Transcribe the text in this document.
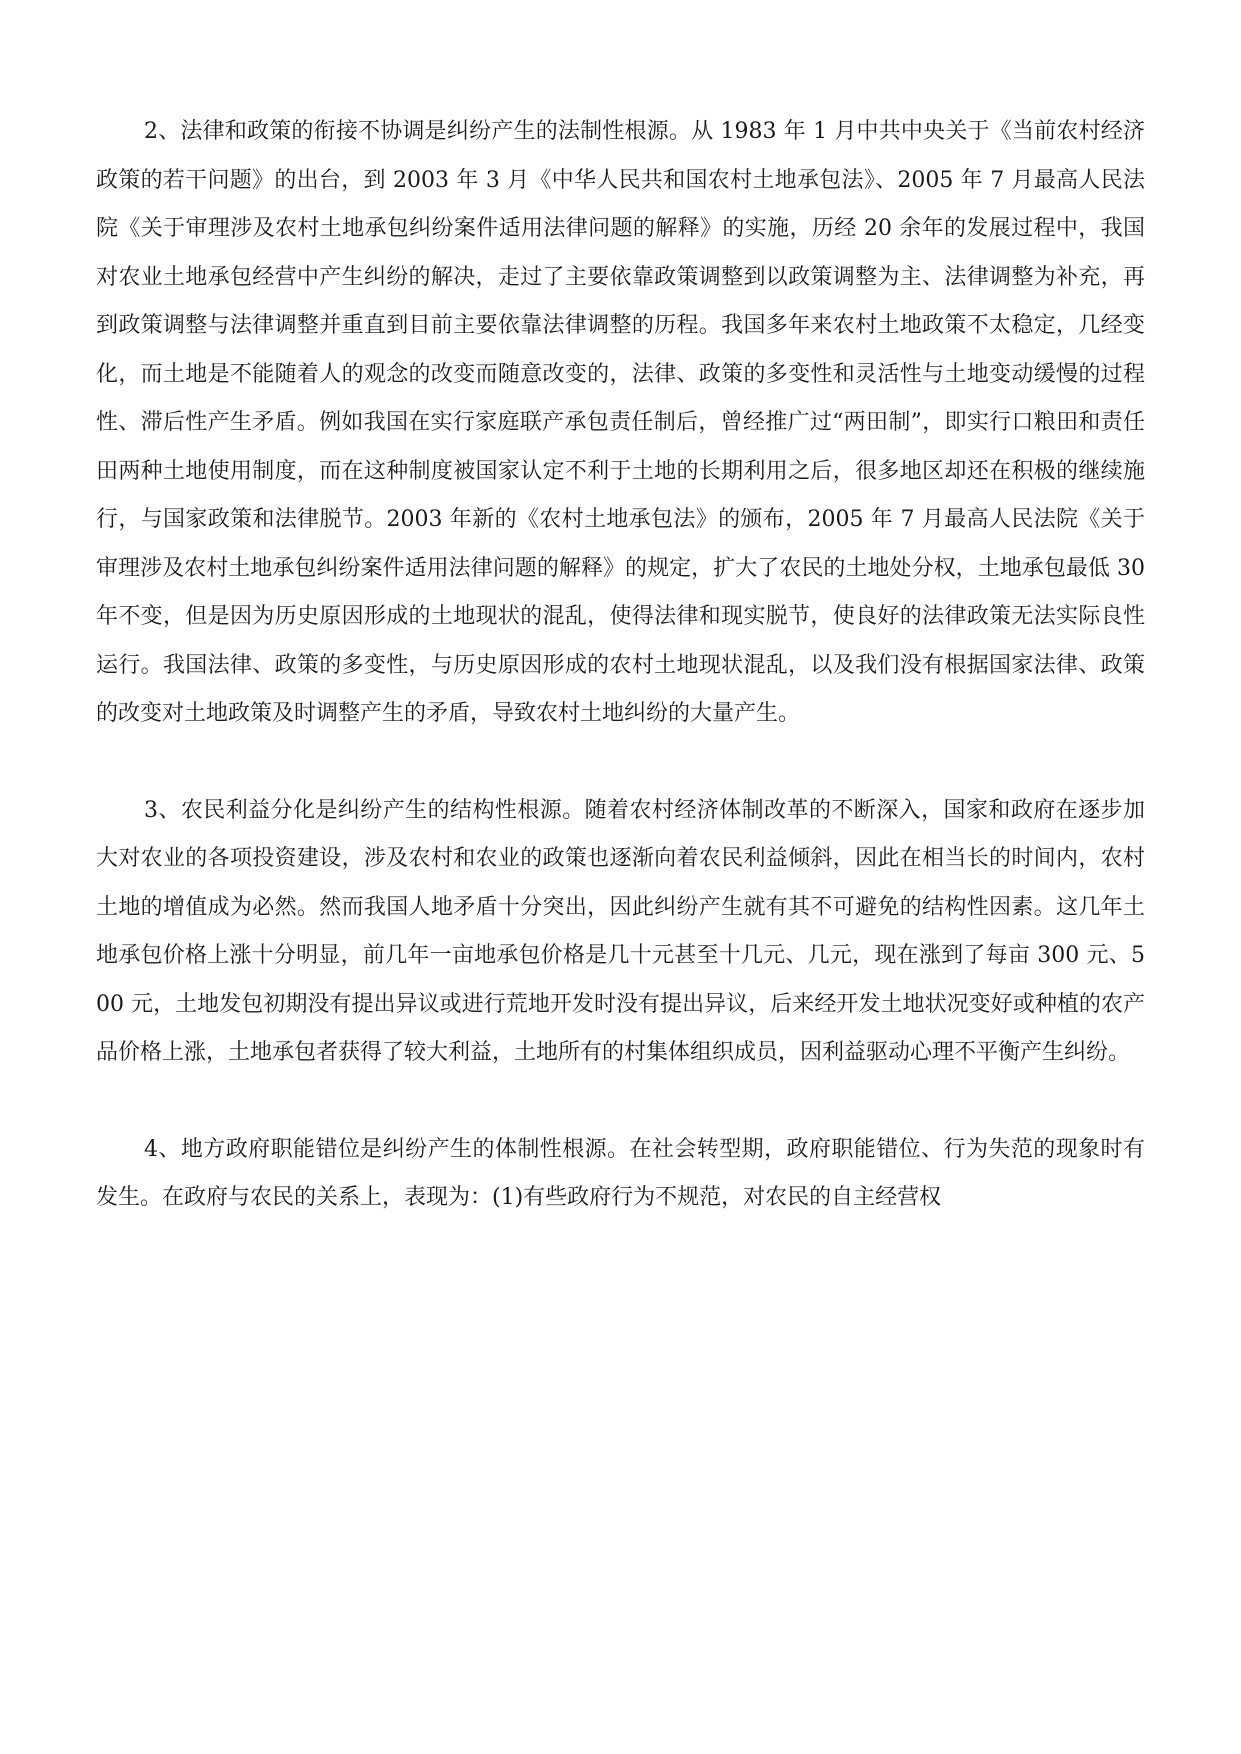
2、法律和政策的衔接不协调是纠纷产生的法制性根源。从 1983 年 1 月中共中央关于《当前农村经济政策的若干问题》的出台，到 2003 年 3 月《中华人民共和国农村土地承包法》、2005 年 7 月最高人民法院《关于审理涉及农村土地承包纠纷案件适用法律问题的解释》的实施，历经 20 余年的发展过程中，我国对农业土地承包经营中产生纠纷的解决，走过了主要依靠政策调整到以政策调整为主、法律调整为补充，再到政策调整与法律调整并重直到目前主要依靠法律调整的历程。我国多年来农村土地政策不太稳定，几经变化，而土地是不能随着人的观念的改变而随意改变的，法律、政策的多变性和灵活性与土地变动缓慢的过程性、滞后性产生矛盾。例如我国在实行家庭联产承包责任制后，曾经推广过“两田制”，即实行口粮田和责任田两种土地使用制度，而在这种制度被国家认定不利于土地的长期利用之后，很多地区却还在积极的继续施行，与国家政策和法律脱节。2003 年新的《农村土地承包法》的颁布，2005 年 7 月最高人民法院《关于审理涉及农村土地承包纠纷案件适用法律问题的解释》的规定，扩大了农民的土地处分权，土地承包最低 30 年不变，但是因为历史原因形成的土地现状的混乱，使得法律和现实脱节，使良好的法律政策无法实际良性运行。我国法律、政策的多变性，与历史原因形成的农村土地现状混乱，以及我们没有根据国家法律、政策的改变对土地政策及时调整产生的矛盾，导致农村土地纠纷的大量产生。

3、农民利益分化是纠纷产生的结构性根源。随着农村经济体制改革的不断深入，国家和政府在逐步加大对农业的各项投资建设，涉及农村和农业的政策也逐渐向着农民利益倾斜，因此在相当长的时间内，农村土地的增值成为必然。然而我国人地矛盾十分突出，因此纠纷产生就有其不可避免的结构性因素。这几年土地承包价格上涨十分明显，前几年一亩地承包价格是几十元甚至十几元、几元，现在涨到了每亩 300 元、500 元，土地发包初期没有提出异议或进行荒地开发时没有提出异议，后来经开发土地状况变好或种植的农产品价格上涨，土地承包者获得了较大利益，土地所有的村集体组织成员，因利益驱动心理不平衡产生纠纷。

4、地方政府职能错位是纠纷产生的体制性根源。在社会转型期，政府职能错位、行为失范的现象时有发生。在政府与农民的关系上，表现为：(1)有些政府行为不规范，对农民的自主经营权
